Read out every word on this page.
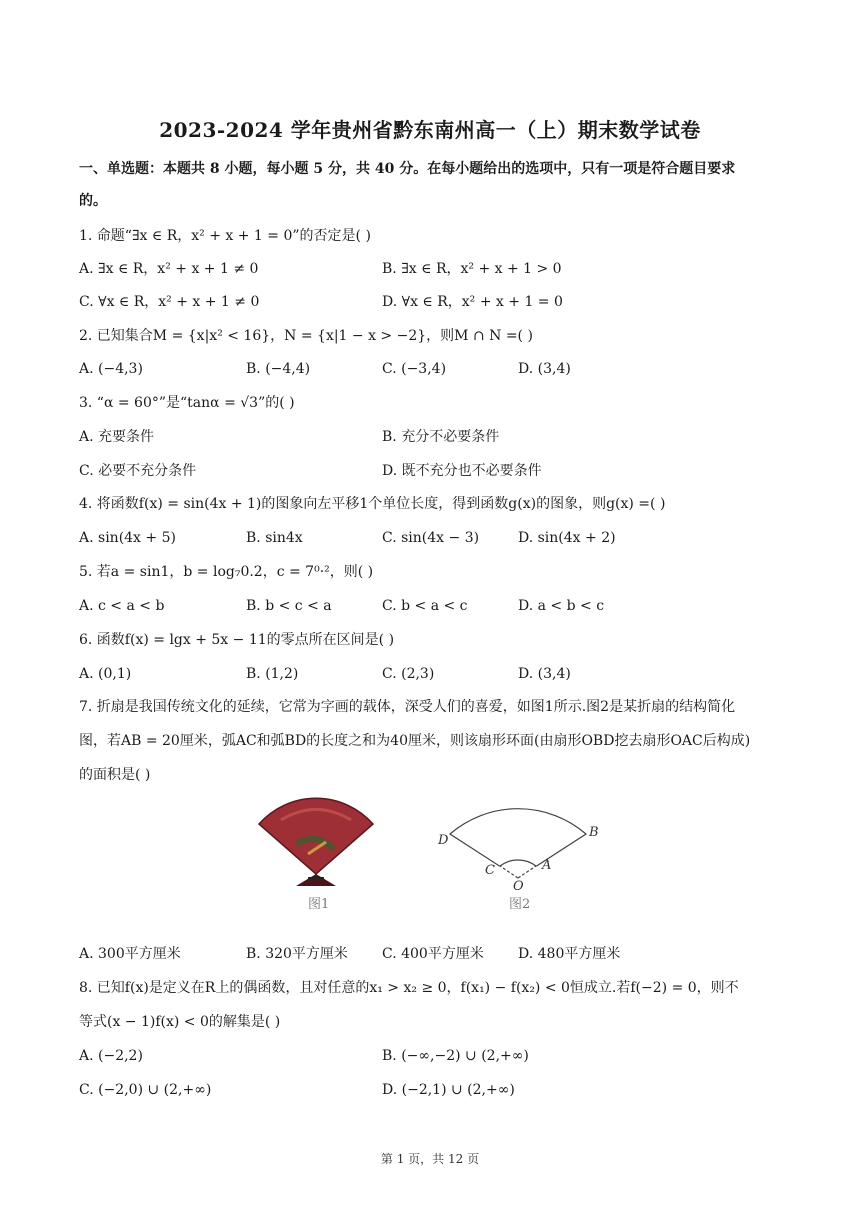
2023-2024 学年贵州省黔东南州高一（上）期末数学试卷
一、单选题：本题共 8 小题，每小题 5 分，共 40 分。在每小题给出的选项中，只有一项是符合题目要求
的。
1. 命题“∃x ∈ R，x² + x + 1 = 0”的否定是( )
A. ∃x ∈ R，x² + x + 1 ≠ 0	B. ∃x ∈ R，x² + x + 1 > 0
C. ∀x ∈ R，x² + x + 1 ≠ 0	D. ∀x ∈ R，x² + x + 1 = 0
2. 已知集合M = {x|x² < 16}，N = {x|1 − x > −2}，则M ∩ N =( )
A. (−4,3)	B. (−4,4)	C. (−3,4)	D. (3,4)
3. “α = 60°”是“tanα = √3”的( )
A. 充要条件	B. 充分不必要条件
C. 必要不充分条件	D. 既不充分也不必要条件
4. 将函数f(x) = sin(4x + 1)的图象向左平移1个单位长度，得到函数g(x)的图象，则g(x) =( )
A. sin(4x + 5)	B. sin4x	C. sin(4x − 3)	D. sin(4x + 2)
5. 若a = sin1，b = log₇0.2，c = 7⁰·²，则( )
A. c < a < b	B. b < c < a	C. b < a < c	D. a < b < c
6. 函数f(x) = lgx + 5x − 11的零点所在区间是( )
A. (0,1)	B. (1,2)	C. (2,3)	D. (3,4)
7. 折扇是我国传统文化的延续，它常为字画的载体，深受人们的喜爱，如图1所示.图2是某折扇的结构简化
图，若AB = 20厘米，弧AC和弧BD的长度之和为40厘米，则该扇形环面(由扇形OBD挖去扇形OAC后构成)
的面积是( )
D
B
C	A
O
图1	图2
A. 300平方厘米	B. 320平方厘米 C. 400平方厘米 D. 480平方厘米
8. 已知f(x)是定义在R上的偶函数，且对任意的x₁ > x₂ ≥ 0，f(x₁) − f(x₂) < 0恒成立.若f(−2) = 0，则不
等式(x − 1)f(x) < 0的解集是( )
A. (−2,2)	B. (−∞,−2) ∪ (2,+∞)
C. (−2,0) ∪ (2,+∞)	D. (−2,1) ∪ (2,+∞)
第 1 页，共 12 页
